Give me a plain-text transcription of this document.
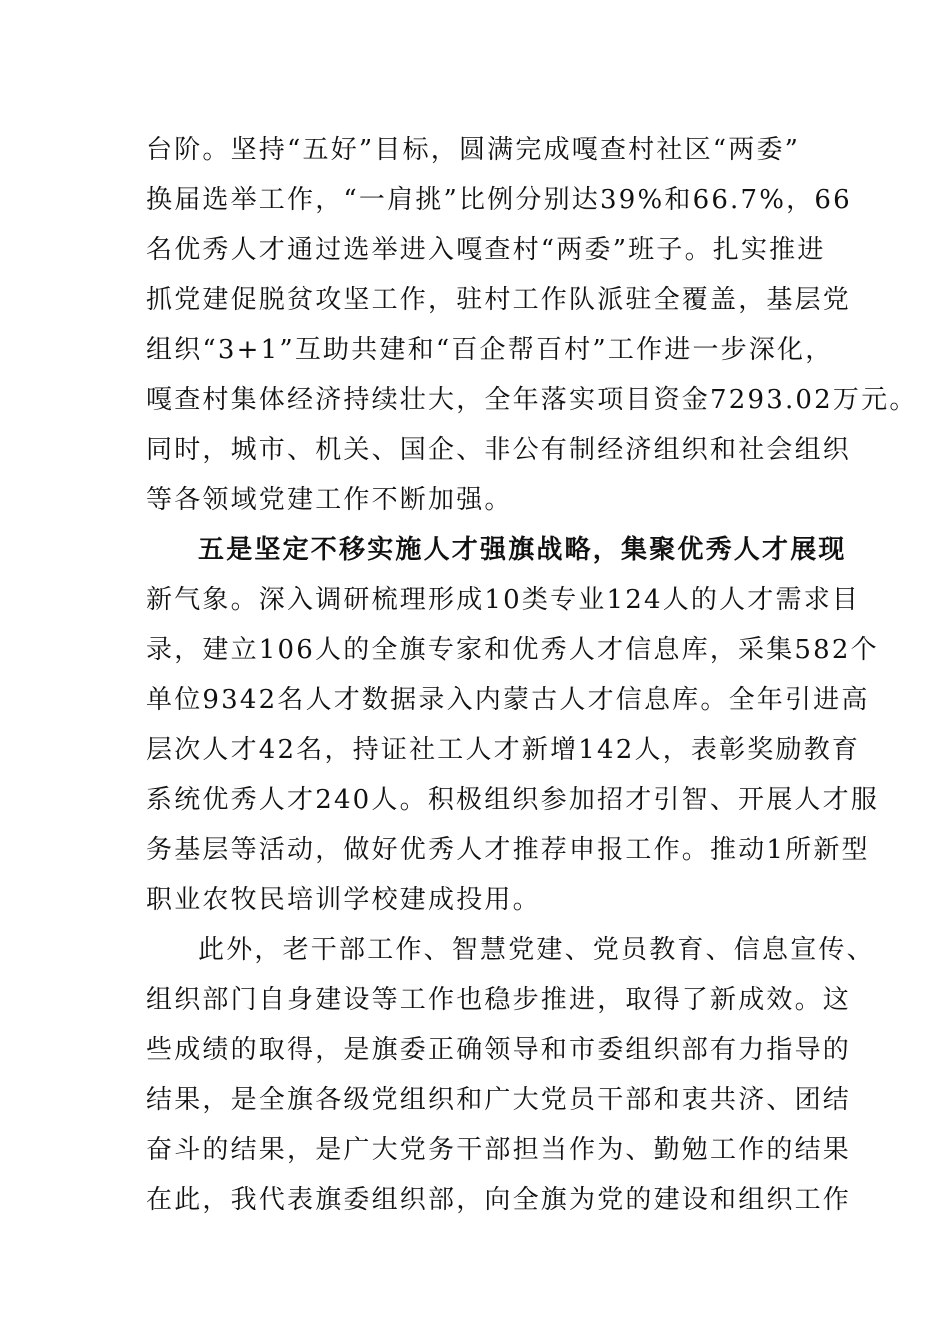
台阶。坚持“五好”目标，圆满完成嘎查村社区“两委”
换届选举工作，“一肩挑”比例分别达39%和66.7%，66
名优秀人才通过选举进入嘎查村“两委”班子。扎实推进
抓党建促脱贫攻坚工作，驻村工作队派驻全覆盖，基层党
组织“3+1”互助共建和“百企帮百村”工作进一步深化，
嘎查村集体经济持续壮大，全年落实项目资金7293.02万元。
同时，城市、机关、国企、非公有制经济组织和社会组织
等各领域党建工作不断加强。
五是坚定不移实施人才强旗战略，集聚优秀人才展现
新气象。深入调研梳理形成10类专业124人的人才需求目
录，建立106人的全旗专家和优秀人才信息库，采集582个
单位9342名人才数据录入内蒙古人才信息库。全年引进高
层次人才42名，持证社工人才新增142人，表彰奖励教育
系统优秀人才240人。积极组织参加招才引智、开展人才服
务基层等活动，做好优秀人才推荐申报工作。推动1所新型
职业农牧民培训学校建成投用。
此外，老干部工作、智慧党建、党员教育、信息宣传、
组织部门自身建设等工作也稳步推进，取得了新成效。这
些成绩的取得，是旗委正确领导和市委组织部有力指导的
结果，是全旗各级党组织和广大党员干部和衷共济、团结
奋斗的结果，是广大党务干部担当作为、勤勉工作的结果
在此，我代表旗委组织部，向全旗为党的建设和组织工作
